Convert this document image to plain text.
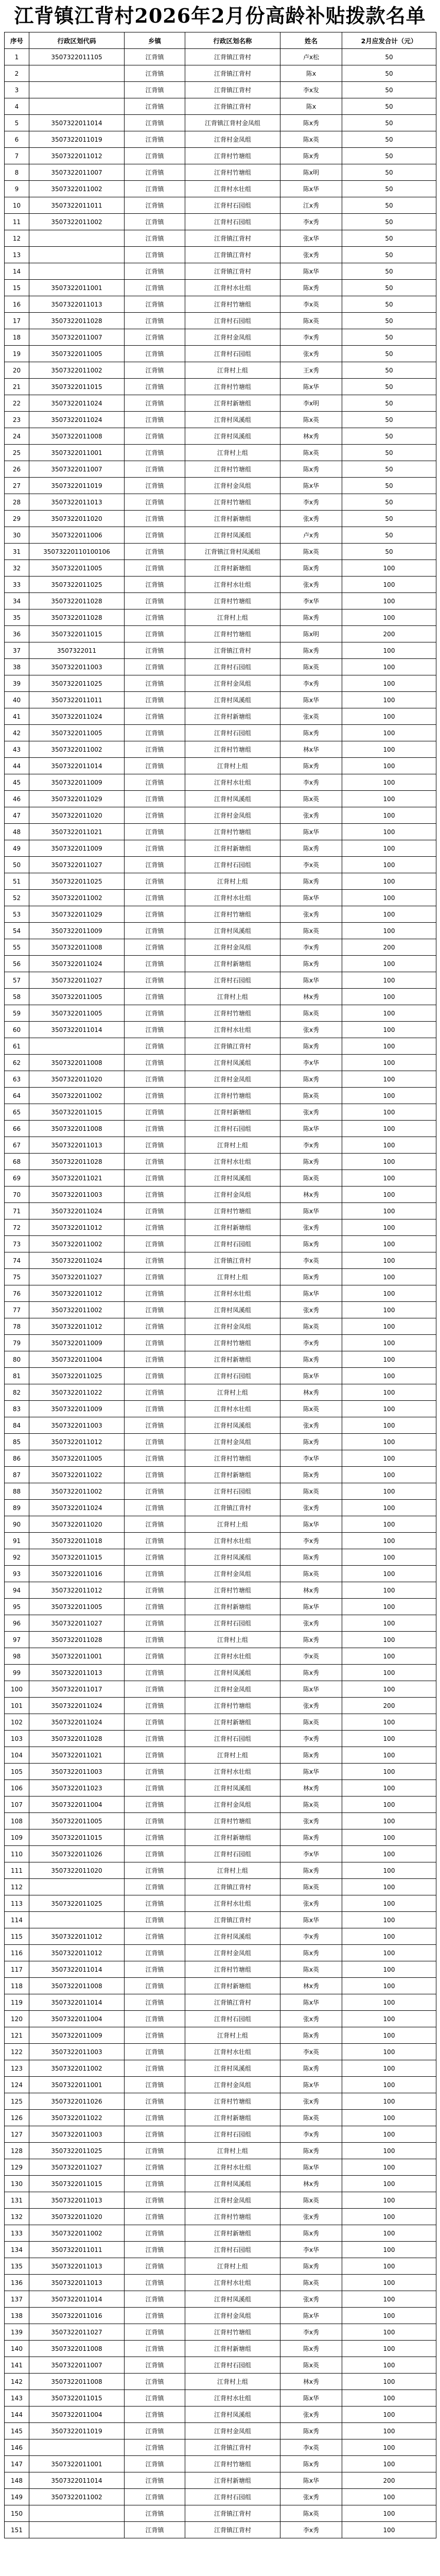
江背镇江背村2026年2月份高龄补贴拨款名单
序号	行政区划代码	乡镇	行政区划名称	姓名	2月应发合计（元）
1	3507322011105	江背镇	江背镇江背村	卢x松	50
2		江背镇	江背镇江背村	陈x	50
3		江背镇	江背镇江背村	李x发	50
4		江背镇	江背镇江背村	陈x	50
5	3507322011014	江背镇	江背镇江背村金凤组	陈x秀	50
6	3507322011019	江背镇	江背村金凤组	陈x英	50
7	3507322011012	江背镇	江背村竹塘组	陈x秀	50
8	3507322011007	江背镇	江背村竹塘组	陈x明	50
9	3507322011002	江背镇	江背村水壮组	陈x华	50
10	3507322011011	江背镇	江背村石园组	江x秀	50
11	3507322011002	江背镇	江背村石园组	李x秀	50
12		江背镇	江背镇江背村	张x华	50
13		江背镇	江背镇江背村	张x秀	50
14		江背镇	江背镇江背村	陈x华	50
15	3507322011001	江背镇	江背村水壮组	陈x秀	50
16	3507322011013	江背镇	江背村竹塘组	李x英	50
17	3507322011028	江背镇	江背村石园组	陈x英	50
18	3507322011007	江背镇	江背村金凤组	李x秀	50
19	3507322011005	江背镇	江背村石园组	张x秀	50
20	3507322011002	江背镇	江背村上组	王x秀	50
21	3507322011015	江背镇	江背村竹塘组	陈x华	50
22	3507322011024	江背镇	江背村新塘组	李x明	50
23	3507322011024	江背镇	江背村凤溪组	陈x英	50
24	3507322011008	江背镇	江背村凤溪组	林x秀	50
25	3507322011001	江背镇	江背村上组	陈x英	50
26	3507322011007	江背镇	江背村竹塘组	陈x秀	50
27	3507322011019	江背镇	江背村金凤组	陈x华	50
28	3507322011013	江背镇	江背村竹塘组	李x秀	50
29	3507322011020	江背镇	江背村新塘组	张x秀	50
30	3507322011006	江背镇	江背村凤溪组	卢x秀	50
31	35073220110100106	江背镇	江背镇江背村凤溪组	陈x英	50
32	3507322011005	江背镇	江背村新塘组	陈x秀	100
33	3507322011025	江背镇	江背村水壮组	张x秀	100
34	3507322011028	江背镇	江背村竹塘组	李x华	100
35	3507322011028	江背镇	江背村上组	陈x秀	100
36	3507322011015	江背镇	江背村竹塘组	陈x明	200
37	3507322011	江背镇	江背镇江背村	陈x秀	100
38	3507322011003	江背镇	江背村石园组	陈x英	100
39	3507322011025	江背镇	江背村金凤组	李x秀	100
40	3507322011011	江背镇	江背村凤溪组	陈x华	100
41	3507322011024	江背镇	江背村新塘组	张x英	100
42	3507322011005	江背镇	江背村石园组	陈x秀	100
43	3507322011002	江背镇	江背村竹塘组	林x华	100
44	3507322011014	江背镇	江背村上组	陈x秀	100
45	3507322011009	江背镇	江背村水壮组	李x秀	100
46	3507322011029	江背镇	江背村凤溪组	陈x英	100
47	3507322011020	江背镇	江背村金凤组	张x秀	100
48	3507322011021	江背镇	江背村竹塘组	陈x华	100
49	3507322011009	江背镇	江背村新塘组	陈x秀	100
50	3507322011027	江背镇	江背村石园组	李x英	100
51	3507322011025	江背镇	江背村上组	陈x秀	100
52	3507322011002	江背镇	江背村水壮组	陈x华	100
53	3507322011029	江背镇	江背村竹塘组	张x秀	100
54	3507322011009	江背镇	江背村凤溪组	陈x英	100
55	3507322011008	江背镇	江背村金凤组	李x秀	200
56	3507322011024	江背镇	江背村新塘组	陈x秀	100
57	3507322011027	江背镇	江背村石园组	陈x华	100
58	3507322011005	江背镇	江背村上组	林x秀	100
59	3507322011005	江背镇	江背村竹塘组	陈x英	100
60	3507322011014	江背镇	江背村水壮组	张x秀	100
61		江背镇	江背镇江背村	陈x秀	100
62	3507322011008	江背镇	江背村凤溪组	李x华	100
63	3507322011020	江背镇	江背村金凤组	陈x秀	100
64	3507322011002	江背镇	江背村竹塘组	陈x英	100
65	3507322011015	江背镇	江背村新塘组	张x秀	100
66	3507322011008	江背镇	江背村石园组	陈x华	100
67	3507322011013	江背镇	江背村上组	李x秀	100
68	3507322011028	江背镇	江背村水壮组	陈x秀	100
69	3507322011021	江背镇	江背村凤溪组	陈x英	100
70	3507322011003	江背镇	江背村金凤组	林x秀	100
71	3507322011024	江背镇	江背村竹塘组	陈x华	100
72	3507322011012	江背镇	江背村新塘组	张x秀	100
73	3507322011002	江背镇	江背村石园组	陈x秀	100
74	3507322011024	江背镇	江背镇江背村	李x英	100
75	3507322011027	江背镇	江背村上组	陈x秀	100
76	3507322011012	江背镇	江背村水壮组	陈x华	100
77	3507322011002	江背镇	江背村凤溪组	张x秀	100
78	3507322011012	江背镇	江背村金凤组	陈x英	100
79	3507322011009	江背镇	江背村竹塘组	李x秀	100
80	3507322011004	江背镇	江背村新塘组	陈x秀	100
81	3507322011025	江背镇	江背村石园组	陈x华	100
82	3507322011022	江背镇	江背村上组	林x秀	100
83	3507322011009	江背镇	江背村水壮组	陈x英	100
84	3507322011003	江背镇	江背村凤溪组	张x秀	100
85	3507322011012	江背镇	江背村金凤组	陈x秀	100
86	3507322011005	江背镇	江背村竹塘组	李x华	100
87	3507322011022	江背镇	江背村新塘组	陈x秀	100
88	3507322011002	江背镇	江背村石园组	陈x英	100
89	3507322011024	江背镇	江背镇江背村	张x秀	100
90	3507322011020	江背镇	江背村上组	陈x华	100
91	3507322011018	江背镇	江背村水壮组	李x秀	100
92	3507322011015	江背镇	江背村凤溪组	陈x秀	100
93	3507322011016	江背镇	江背村金凤组	陈x英	100
94	3507322011012	江背镇	江背村竹塘组	林x秀	100
95	3507322011005	江背镇	江背村新塘组	陈x华	100
96	3507322011027	江背镇	江背村石园组	张x秀	100
97	3507322011028	江背镇	江背村上组	陈x秀	100
98	3507322011001	江背镇	江背村水壮组	李x英	100
99	3507322011013	江背镇	江背村凤溪组	陈x秀	100
100	3507322011017	江背镇	江背村金凤组	陈x华	100
101	3507322011024	江背镇	江背村竹塘组	张x秀	200
102	3507322011024	江背镇	江背村新塘组	陈x英	100
103	3507322011028	江背镇	江背村石园组	李x秀	100
104	3507322011021	江背镇	江背村上组	陈x秀	100
105	3507322011003	江背镇	江背村水壮组	陈x华	100
106	3507322011023	江背镇	江背村凤溪组	林x秀	100
107	3507322011004	江背镇	江背村金凤组	陈x英	100
108	3507322011005	江背镇	江背村竹塘组	张x秀	100
109	3507322011015	江背镇	江背村新塘组	陈x秀	100
110	3507322011026	江背镇	江背村石园组	李x华	100
111	3507322011020	江背镇	江背村上组	陈x秀	100
112		江背镇	江背镇江背村	陈x英	100
113	3507322011025	江背镇	江背村水壮组	张x秀	100
114		江背镇	江背镇江背村	陈x华	100
115	3507322011012	江背镇	江背村凤溪组	李x秀	100
116	3507322011012	江背镇	江背村金凤组	陈x秀	100
117	3507322011014	江背镇	江背村竹塘组	陈x英	100
118	3507322011008	江背镇	江背村新塘组	林x秀	100
119	3507322011014	江背镇	江背镇江背村	陈x华	100
120	3507322011004	江背镇	江背村石园组	张x秀	100
121	3507322011009	江背镇	江背村上组	陈x秀	100
122	3507322011003	江背镇	江背村水壮组	李x英	100
123	3507322011002	江背镇	江背村凤溪组	陈x秀	100
124	3507322011001	江背镇	江背村金凤组	陈x华	100
125	3507322011026	江背镇	江背村竹塘组	张x秀	100
126	3507322011022	江背镇	江背村新塘组	陈x英	100
127	3507322011003	江背镇	江背村石园组	李x秀	100
128	3507322011025	江背镇	江背村上组	陈x秀	100
129	3507322011027	江背镇	江背村水壮组	陈x华	100
130	3507322011015	江背镇	江背村凤溪组	林x秀	100
131	3507322011013	江背镇	江背村金凤组	陈x英	100
132	3507322011020	江背镇	江背村竹塘组	张x秀	100
133	3507322011002	江背镇	江背村新塘组	陈x秀	100
134	3507322011011	江背镇	江背村石园组	李x华	100
135	3507322011013	江背镇	江背村上组	陈x秀	100
136	3507322011013	江背镇	江背村水壮组	陈x英	100
137	3507322011014	江背镇	江背村凤溪组	张x秀	100
138	3507322011016	江背镇	江背村金凤组	陈x华	100
139	3507322011027	江背镇	江背村竹塘组	李x秀	100
140	3507322011008	江背镇	江背村新塘组	陈x秀	100
141	3507322011007	江背镇	江背村石园组	陈x英	100
142	3507322011008	江背镇	江背村上组	林x秀	100
143	3507322011015	江背镇	江背村水壮组	陈x华	100
144	3507322011004	江背镇	江背村凤溪组	张x秀	100
145	3507322011019	江背镇	江背村金凤组	陈x秀	100
146		江背镇	江背镇江背村	李x英	100
147	3507322011001	江背镇	江背村竹塘组	陈x秀	100
148	3507322011014	江背镇	江背村新塘组	陈x华	200
149	3507322011002	江背镇	江背村石园组	张x秀	100
150		江背镇	江背镇江背村	陈x英	100
151		江背镇	江背镇江背村	李x秀	100
